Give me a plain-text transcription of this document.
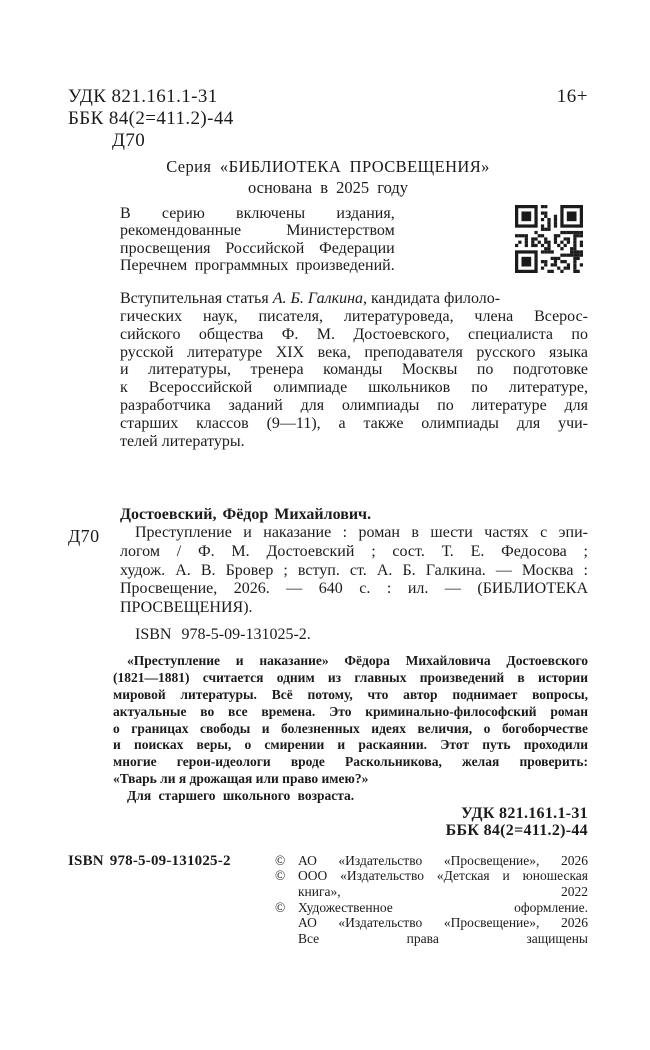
УДК 821.161.1-31
ББК 84(2=411.2)-44
Д70
16+
Серия «БИБЛИОТЕКА ПРОСВЕЩЕНИЯ»
основана в 2025 году
В серию включены издания,
рекомендованные Министерством
просвещения Российской Федерации
Перечнем программных произведений.
Вступительная статья А. Б. Галкина, кандидата филоло-
гических наук, писателя, литературоведа, члена Всерос-
сийского общества Ф. М. Достоевского, специалиста по
русской литературе XIX века, преподавателя русского языка
и литературы, тренера команды Москвы по подготовке
к Всероссийской олимпиаде школьников по литературе,
разработчика заданий для олимпиады по литературе для
старших классов (9—11), а также олимпиады для учи-
телей литературы.
Достоевский, Фёдор Михайлович.
Д70	Преступление и наказание : роман в шести частях с эпи-
логом / Ф. М. Достоевский ; сост. Т. Е. Федосова ;
худож. А. В. Бровер ; вступ. ст. А. Б. Галкина. — Москва :
Просвещение, 2026. — 640 с. : ил. — (БИБЛИОТЕКА
ПРОСВЕЩЕНИЯ).
ISBN 978-5-09-131025-2.
«Преступление и наказание» Фёдора Михайловича Достоевского
(1821—1881) считается одним из главных произведений в истории
мировой литературы. Всё потому, что автор поднимает вопросы,
актуальные во все времена. Это криминально-философский роман
о границах свободы и болезненных идеях величия, о богоборчестве
и поисках веры, о смирении и раскаянии. Этот путь проходили
многие герои-идеологи вроде Раскольникова, желая проверить:
«Тварь ли я дрожащая или право имею?»
Для старшего школьного возраста.
УДК 821.161.1-31
ББК 84(2=411.2)-44
ISBN 978-5-09-131025-2	© АО «Издательство «Просвещение», 2026
© ООО «Издательство «Детская и юношеская
книга», 2022
© Художественное оформление.
АО «Издательство «Просвещение», 2026
Все права защищены
